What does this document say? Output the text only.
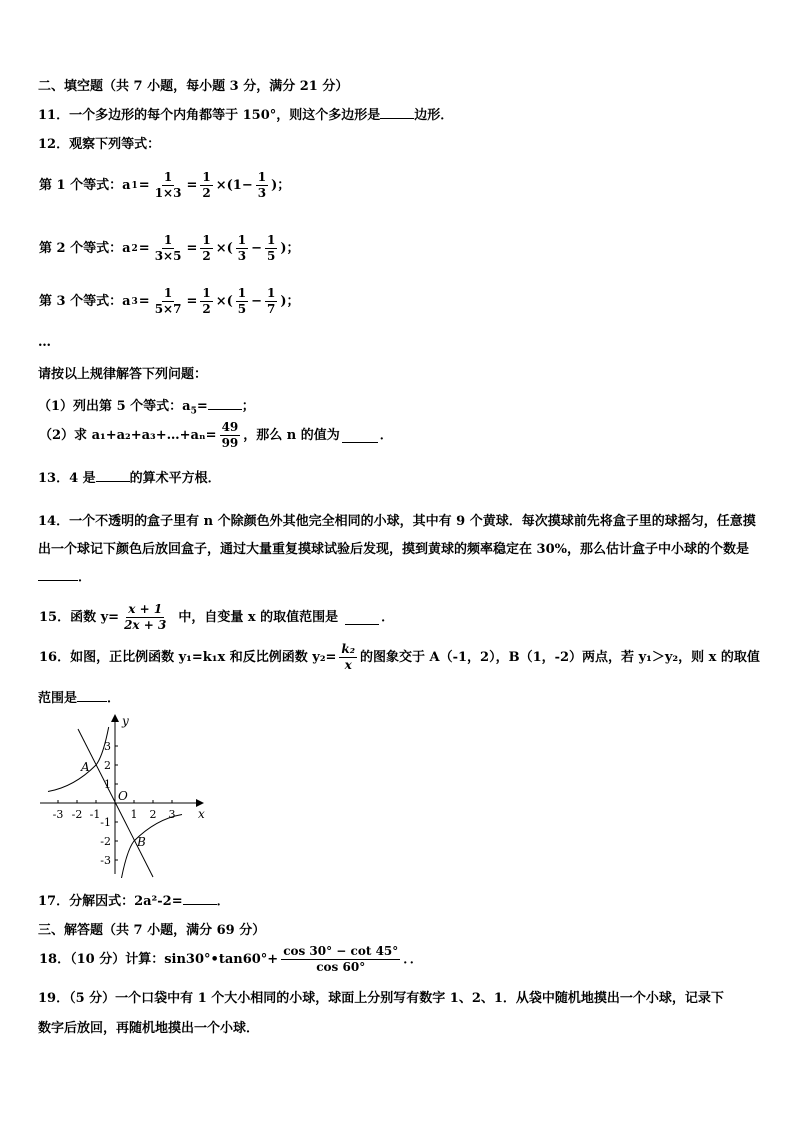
二、填空题（共 7 小题，每小题 3 分，满分 21 分）
11．一个多边形的每个内角都等于 150°，则这个多边形是	边形．
12．观察下列等式：
第 1 个等式：a $1 = \frac{1}{1\times 3} = \frac{1}{2} \times(1- \frac{1}{3}$ )；
第 2 个等式：a $2 = \frac{1}{3\times 5} = \frac{1}{2}$ ×( $\frac{1}{3} - \frac{1}{5}$ )；
第 3 个等式：a $3 = \frac{1}{5\times 7} = \frac{1}{2}$ ×( $\frac{1}{5} - \frac{1}{7}$ )；
…
请按以上规律解答下列问题：
（1）列出第 5 个等式：$a_5=$	；
（2）求 a₁+a₂+a₃+…+aₙ= $\frac{49}{99}$ ，那么 n 的值为	．
13．4 是	的算术平方根．
14．一个不透明的盒子里有 n 个除颜色外其他完全相同的小球，其中有 9 个黄球．每次摸球前先将盒子里的球摇匀，任意摸出一个球记下颜色后放回盒子，通过大量重复摸球试验后发现，摸到黄球的频率稳定在 30%，那么估计盒子中小球的个数是．
15．函数 $y= \frac{x + 1}{2x + 3}$ 中，自变量 x 的取值范围是	．
16．如图，正比例函数 y₁=k₁x 和反比例函数 $y_2= \frac{\text{k₂}}{x}$ 的图象交于 A（-1，2），B（1，-2）两点，若 y₁＞y₂，则 x 的取值
范围是 ．
-3 -2 -1	1 2 3
3
2
1
-1
-2
-3
x
y
O
A
B
17．分解因式：2a²-2=	．
三、解答题（共 7 小题，满分 69 分）
18．（10 分）计算：sin30°•tan60°+ $\frac{\cos 30^\circ - \cot 45^\circ}{\cos 60^\circ}$ ．．
19．（5 分）一个口袋中有 1 个大小相同的小球，球面上分别写有数字 1、2、1．从袋中随机地摸出一个小球，记录下
数字后放回，再随机地摸出一个小球．
